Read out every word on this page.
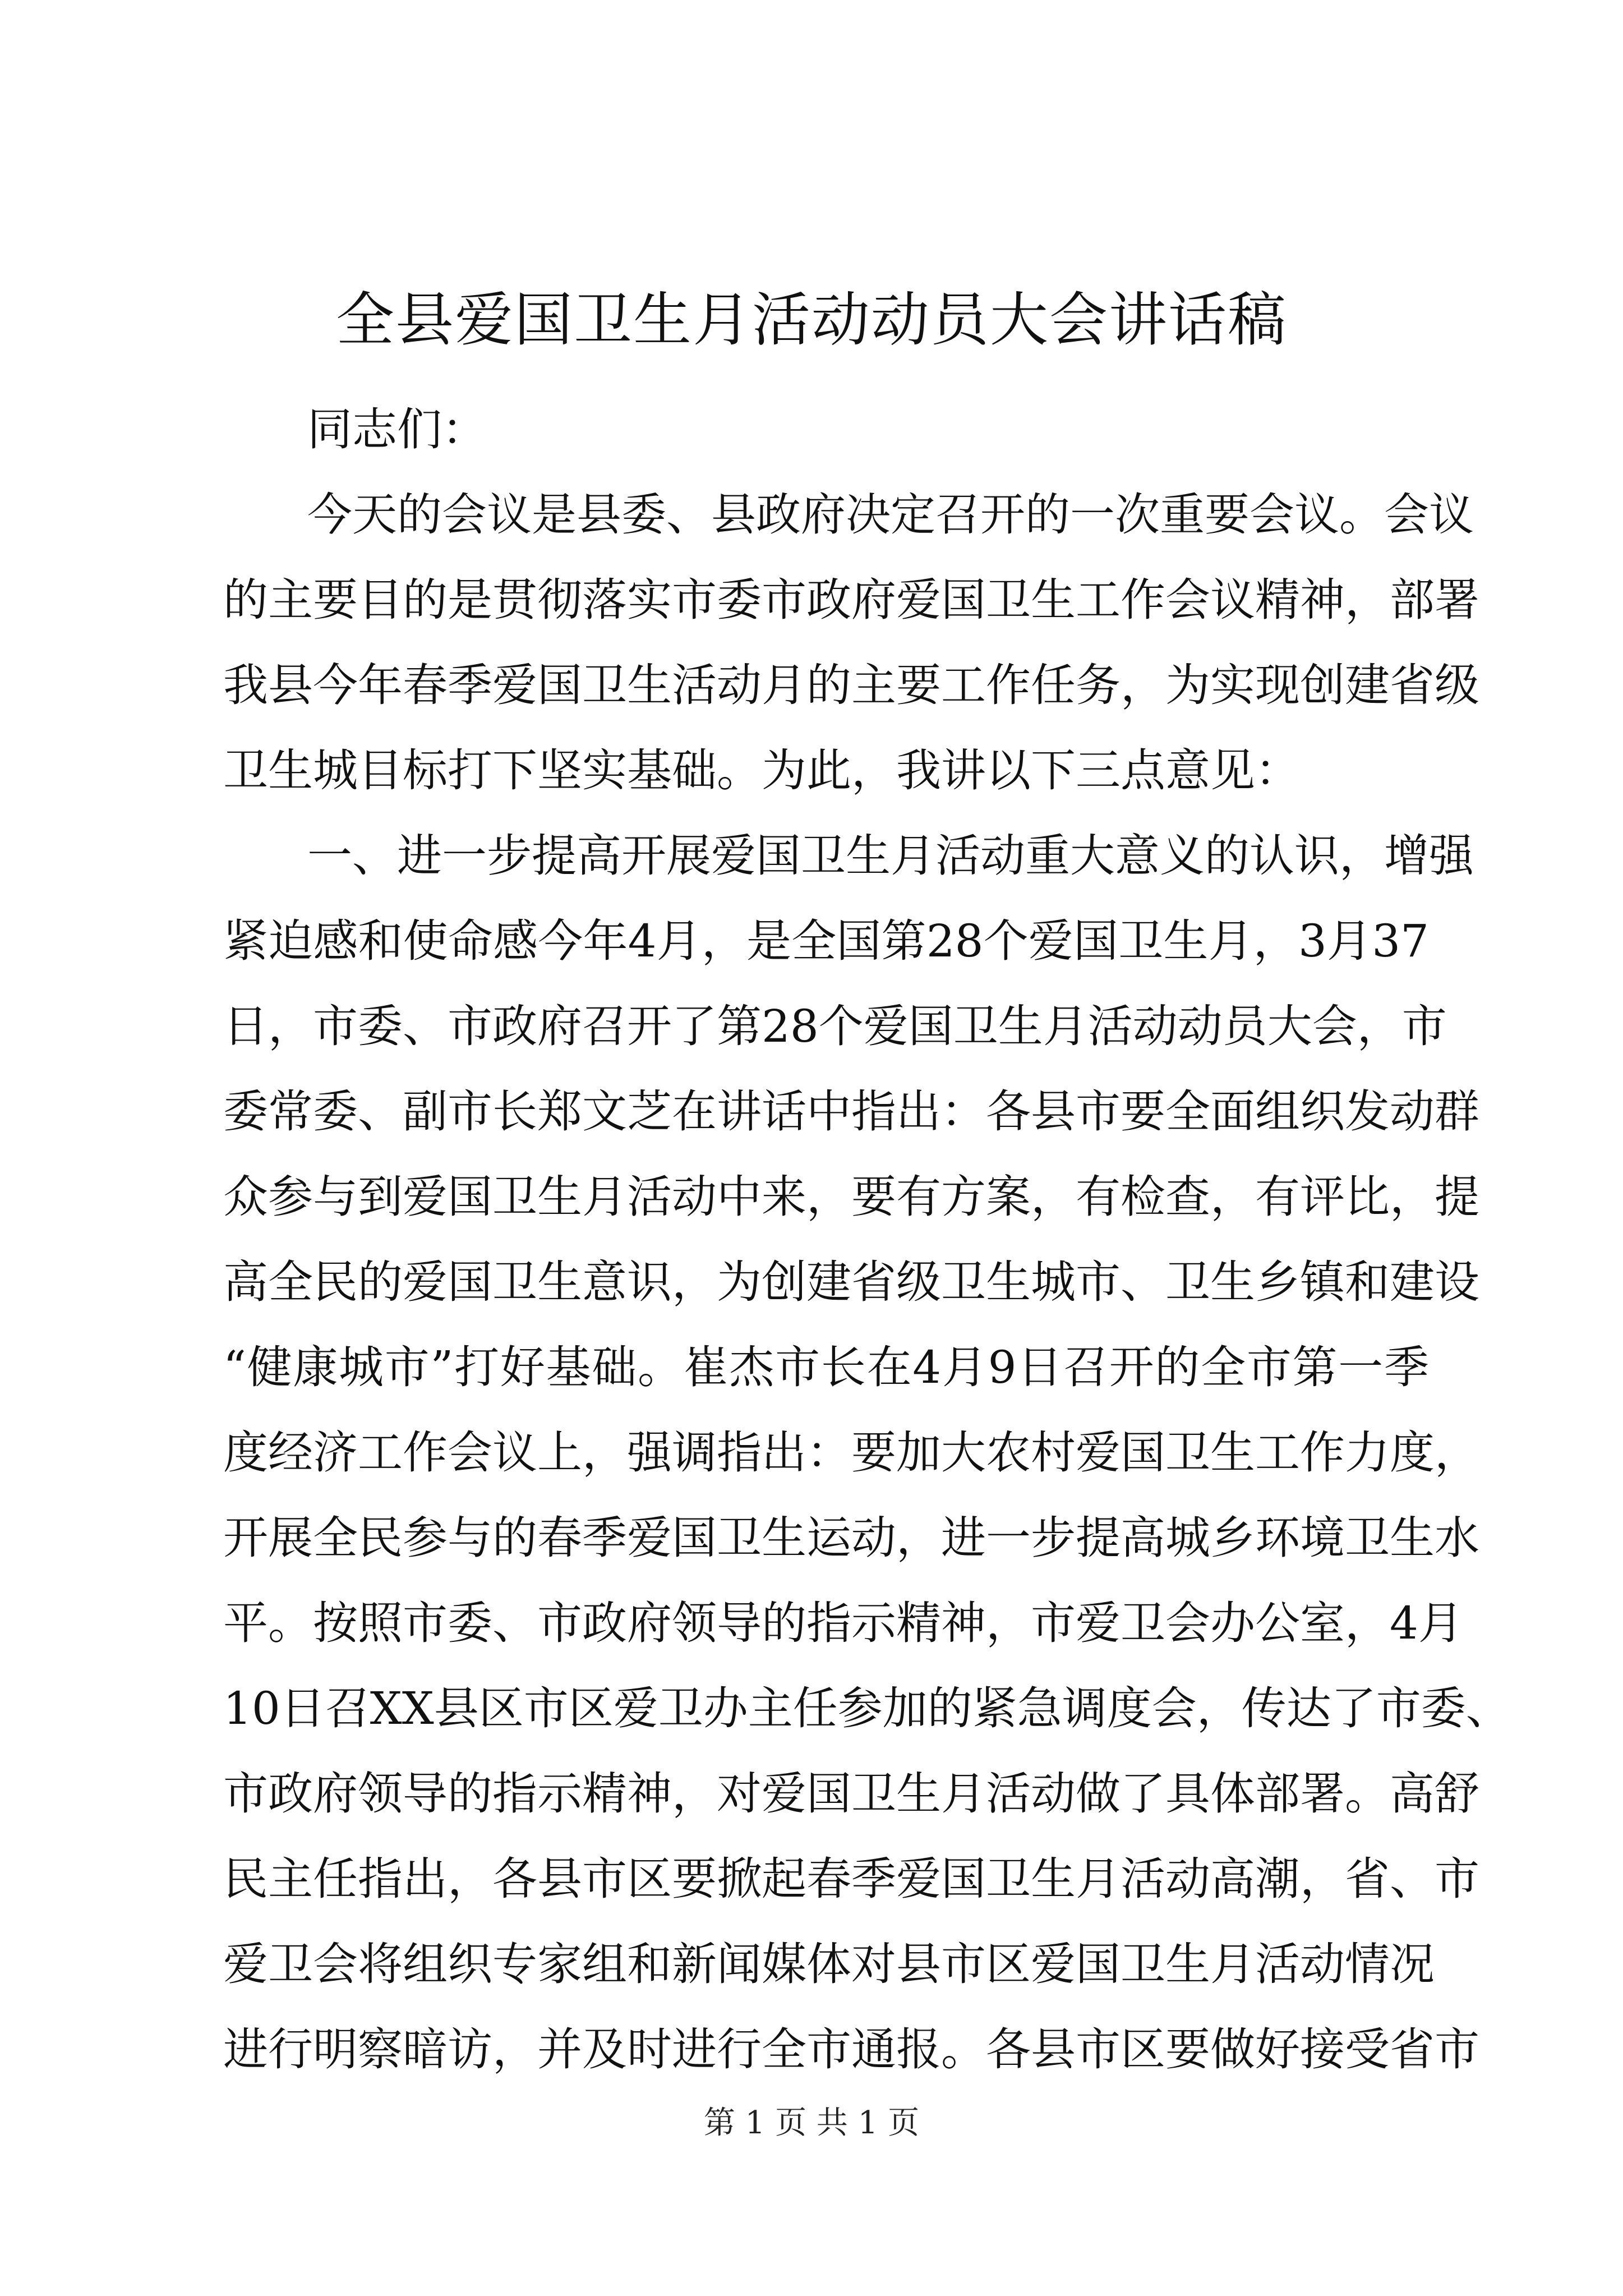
全县爱国卫生月活动动员大会讲话稿

同志们：

今天的会议是县委、县政府决定召开的一次重要会议。会议

的主要目的是贯彻落实市委市政府爱国卫生工作会议精神，部署

我县今年春季爱国卫生活动月的主要工作任务，为实现创建省级

卫生城目标打下坚实基础。为此，我讲以下三点意见：

一、进一步提高开展爱国卫生月活动重大意义的认识，增强

紧迫感和使命感今年4月，是全国第28个爱国卫生月，3月37

日，市委、市政府召开了第28个爱国卫生月活动动员大会，市

委常委、副市长郑文芝在讲话中指出：各县市要全面组织发动群

众参与到爱国卫生月活动中来，要有方案，有检查，有评比，提

高全民的爱国卫生意识，为创建省级卫生城市、卫生乡镇和建设

“健康城市”打好基础。崔杰市长在4月9日召开的全市第一季

度经济工作会议上，强调指出：要加大农村爱国卫生工作力度，

开展全民参与的春季爱国卫生运动，进一步提高城乡环境卫生水

平。按照市委、市政府领导的指示精神，市爱卫会办公室，4月

10日召XX县区市区爱卫办主任参加的紧急调度会，传达了市委、

市政府领导的指示精神，对爱国卫生月活动做了具体部署。高舒

民主任指出，各县市区要掀起春季爱国卫生月活动高潮，省、市

爱卫会将组织专家组和新闻媒体对县市区爱国卫生月活动情况

进行明察暗访，并及时进行全市通报。各县市区要做好接受省市

第 1 页 共 1 页
